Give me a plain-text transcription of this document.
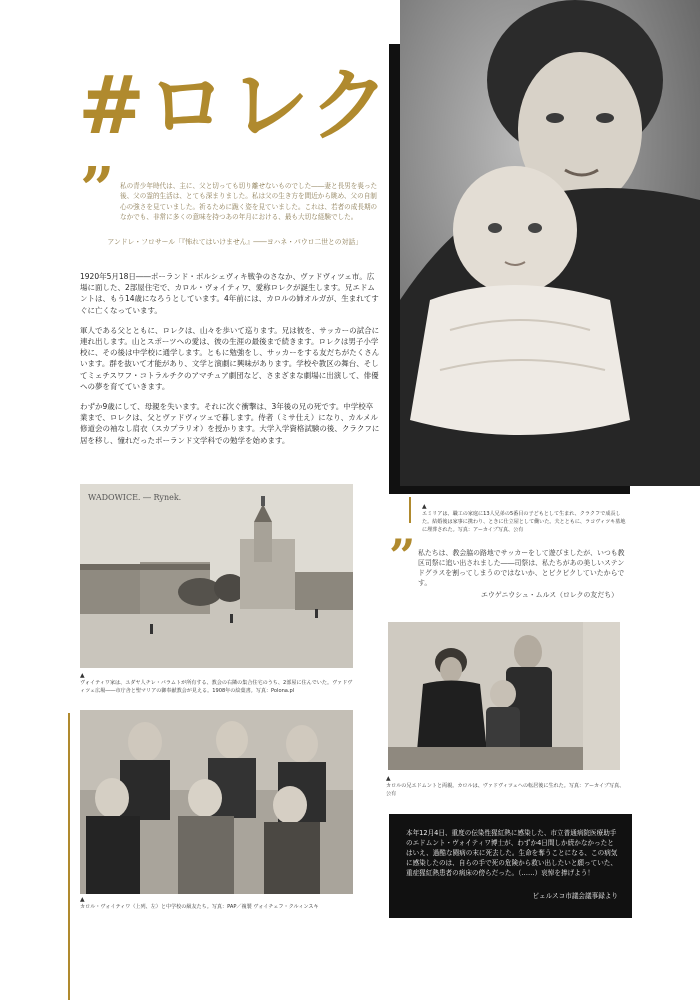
#ロレク
” 私の青少年時代は、主に、父と切っても切り離せないものでした――妻と長男を喪った後、父の霊的生活は、とても深まりました。私は父の生き方を間近から眺め、父の自制心の強さを見ていました。祈るために跪く姿を見ていました。これは、若者の成長期のなかでも、非常に多くの意味を持つあの年月における、最も大切な経験でした。
アンドレ・フロサール「『怖れてはいけません』――ヨハネ・パウロ二世との対話」

1920年5月18日――ポーランド・ボルシェヴィキ戦争のさなか、ヴァドヴィツェ市。広場に面した、2部屋住宅で、カロル・ヴォイティワ、愛称ロレクが誕生します。兄エドムントは、もう14歳になろうとしています。4年前には、カロルの姉オルガが、生まれてすぐに亡くなっています。

軍人である父とともに、ロレクは、山々を歩いて巡ります。兄は彼を、サッカーの試合に連れ出します。山とスポーツへの愛は、彼の生涯の最後まで続きます。ロレクは男子小学校に、その後は中学校に通学します。ともに勉強をし、サッカーをする友だちがたくさんいます。群を抜いて才能があり、文学と演劇に興味があります。学校や教区の舞台、そしてミェチスワフ・コトラルチクのアマチュア劇団など、さまざまな劇場に出演して、俳優への夢を育てていきます。

わずか9歳にして、母親を失います。それに次ぐ衝撃は、3年後の兄の死です。中学校卒業まで、ロレクは、父とヴァドヴィツェで暮します。侍者（ミサ仕え）になり、カルメル修道会の袖なし肩衣（スカプラリオ）を授かります。大学入学資格試験の後、クラクフに居を移し、憧れだったポーランド文学科での勉学を始めます。

▲
エミリアは、職工の家庭に13人兄弟の5番目の子どもとして生まれ、クラクフで成長した。結婚後は家事に携わり、ときに仕立屋として働いた。夫とともに、ラコヴィツキ墓地に埋葬された。写真：アーカイブ写真、公有
” 私たちは、教会脇の路地でサッカーをして遊びましたが、いつも教区司祭に追い出されました――司祭は、私たちがあの美しいステンドグラスを割ってしまうのではないか、とビクビクしていたからです。
エウゲニウシュ・ムルス（ロレクの友だち）
WADOWICE. ― Rynek.
▲
ヴォイティワ家は、ユダヤ人チレ・バラムトが所有する、教会の右隣の集合住宅のうち、2部屋に住んでいた。ヴァドヴィツェ広場――市庁舎と聖マリアの御奉献教会が見える。1908年の絵葉書。写真：Polona.pl
▲
カロルの兄エドムントと両親。カロルは、ヴァドヴィツェへの転居後に生れた。写真：アーカイブ写真、公有
▲
カロル・ヴォイティワ（上列、左）と中学校の級友たち。写真：PAP／複製 ヴォイチェフ・クルィンスキ
本年12月4日、重度の伝染性猩紅熱に感染した、市立普通病院医療助手のエドムント・ヴォイティワ博士が、わずか4日間しか続かなかったとはいえ、過酷な闘病の末に死去した。生命を奪うことになる、この病気に感染したのは、自らの手で死の危険から救い出したいと願っていた、重症猩紅熱患者の病床の傍らだった。（……）哀悼を捧げよう！
ビェルスコ市議会議事録より
